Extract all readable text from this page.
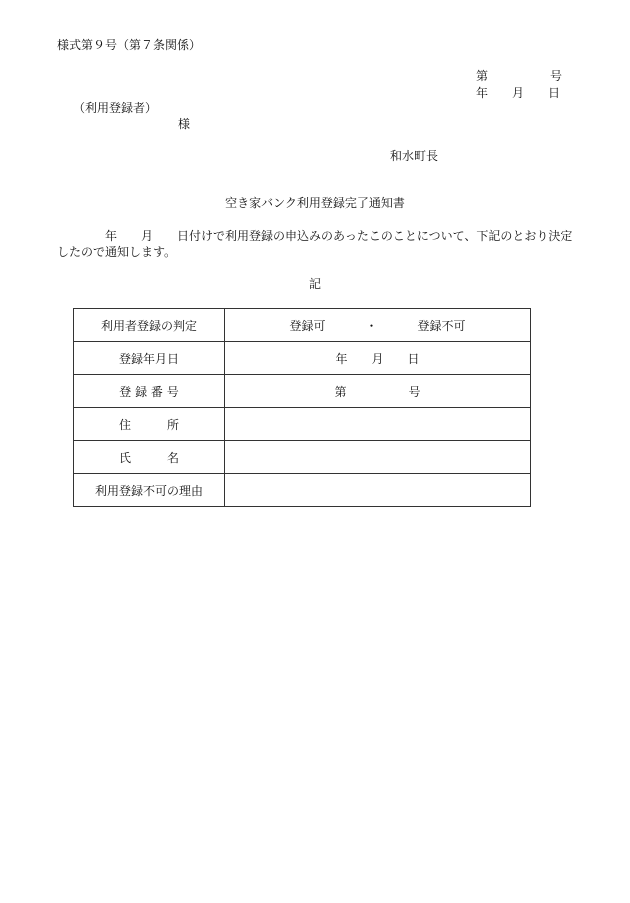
様式第９号（第７条関係）
第	号
年 月 日
（利用登録者）
様
和水町長
空き家バンク利用登録完了通知書
年 月 日付けで利用登録の申込みのあったこのことについて、下記のとおり決定したので通知します。
記
利用者登録の判定	登録可 ・ 登録不可
登録年月日	年 月 日
登 録 番 号	第 号
住 所	
氏 名	
利用登録不可の理由	
